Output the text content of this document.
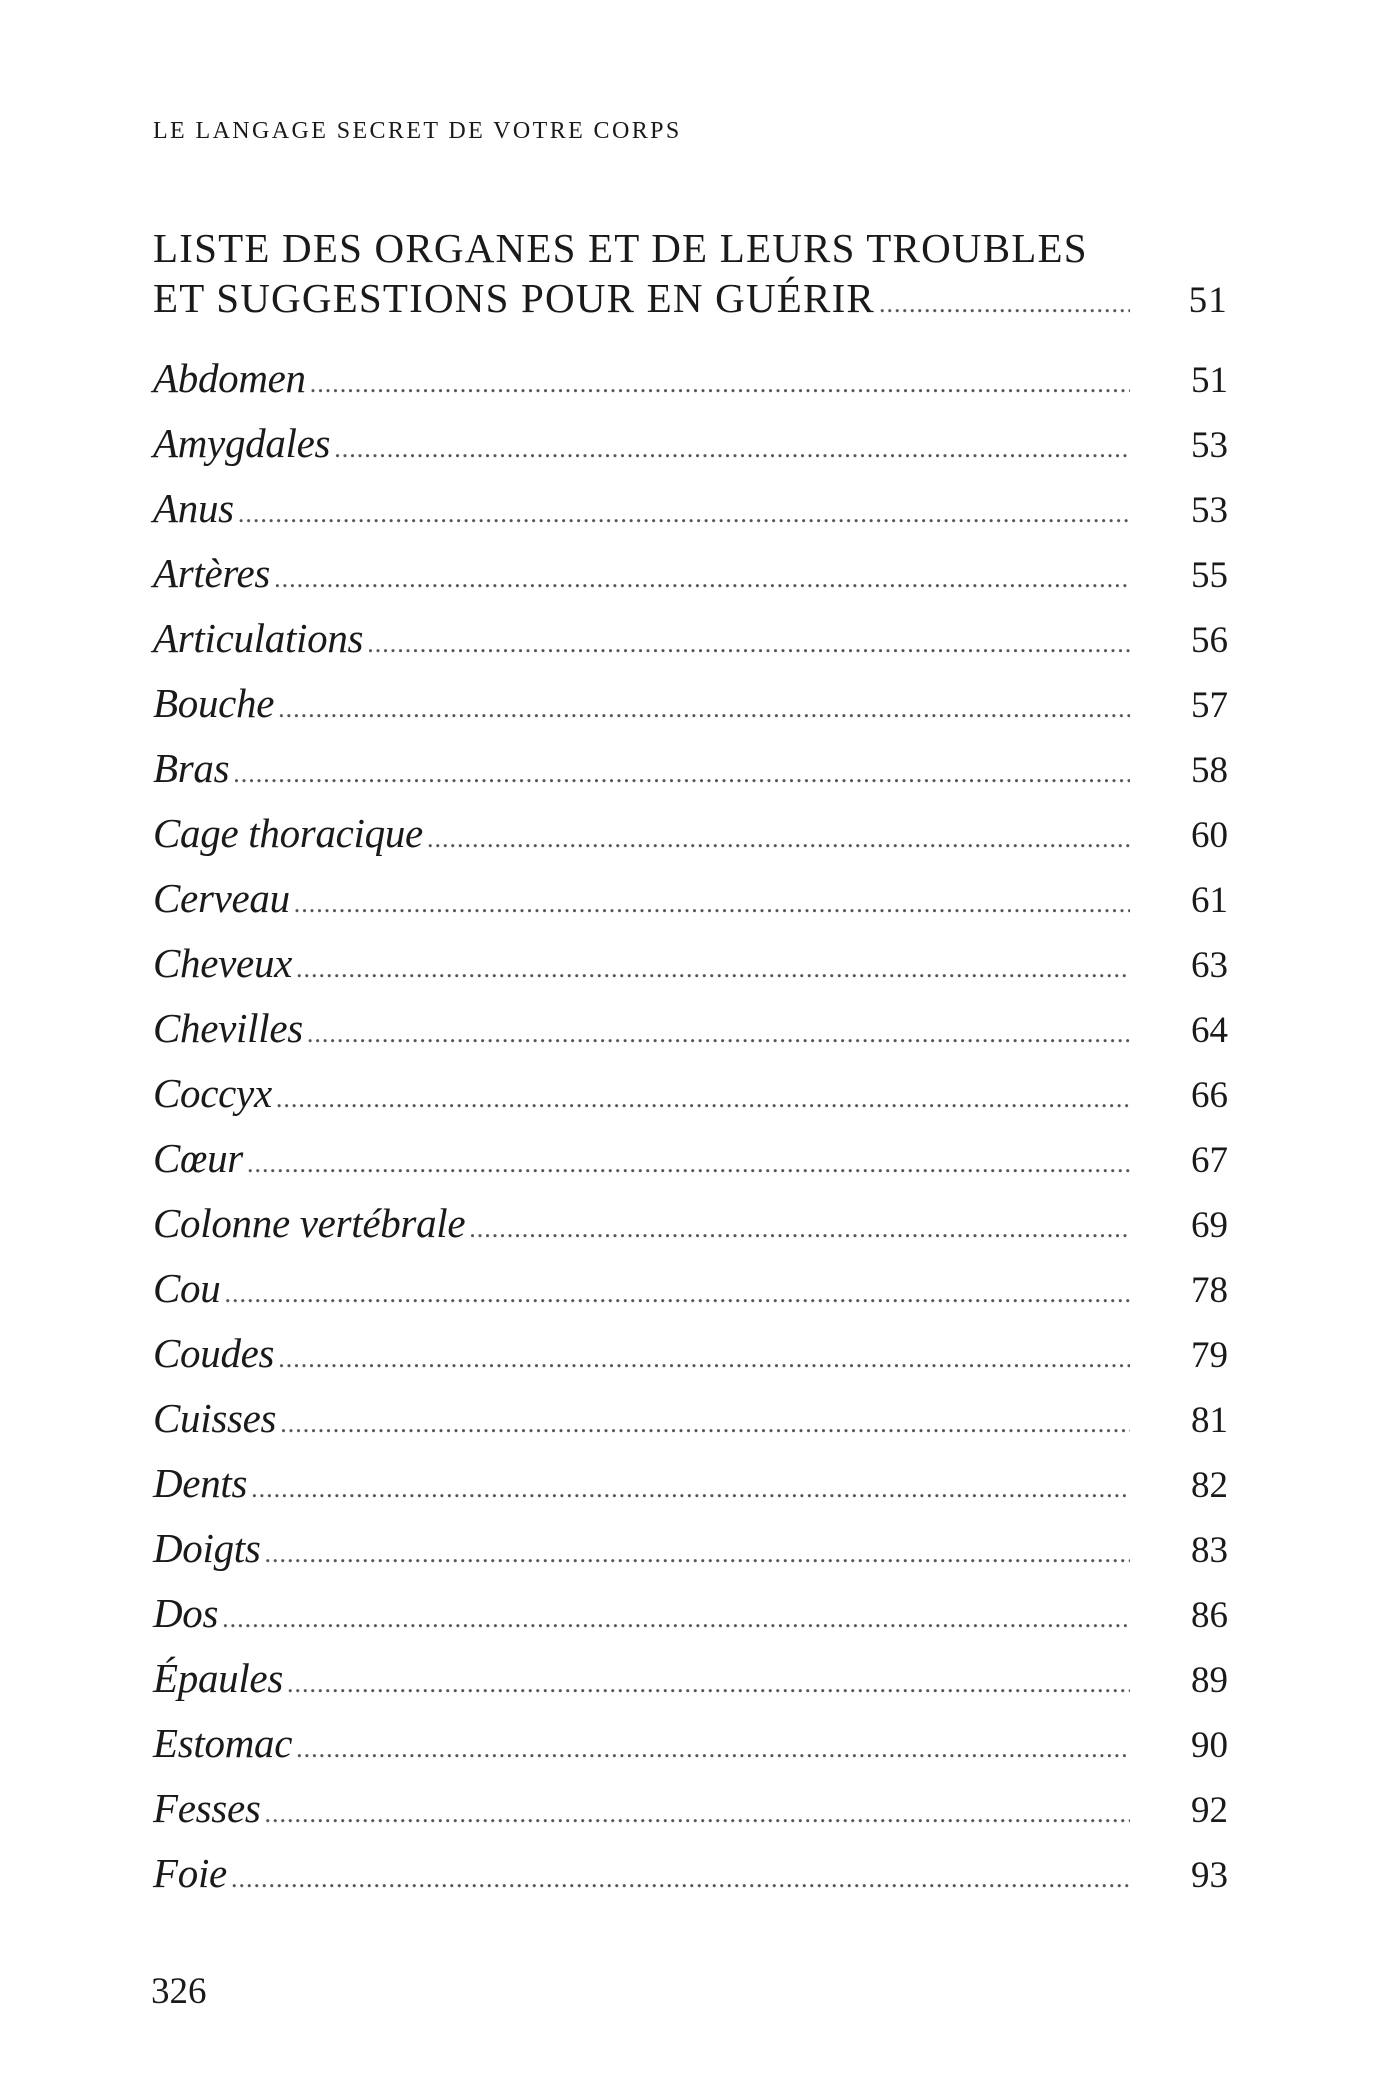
LE LANGAGE SECRET DE VOTRE CORPS
LISTE DES ORGANES ET DE LEURS TROUBLES
ET SUGGESTIONS POUR EN GUÉRIR .....	51
Abdomen .....	51
Amygdales .....	53
Anus .....	53
Artères .....	55
Articulations .....	56
Bouche .....	57
Bras .....	58
Cage thoracique .....	60
Cerveau .....	61
Cheveux .....	63
Chevilles .....	64
Coccyx .....	66
Cœur .....	67
Colonne vertébrale .....	69
Cou .....	78
Coudes .....	79
Cuisses .....	81
Dents .....	82
Doigts .....	83
Dos .....	86
Épaules .....	89
Estomac .....	90
Fesses .....	92
Foie .....	93
326
